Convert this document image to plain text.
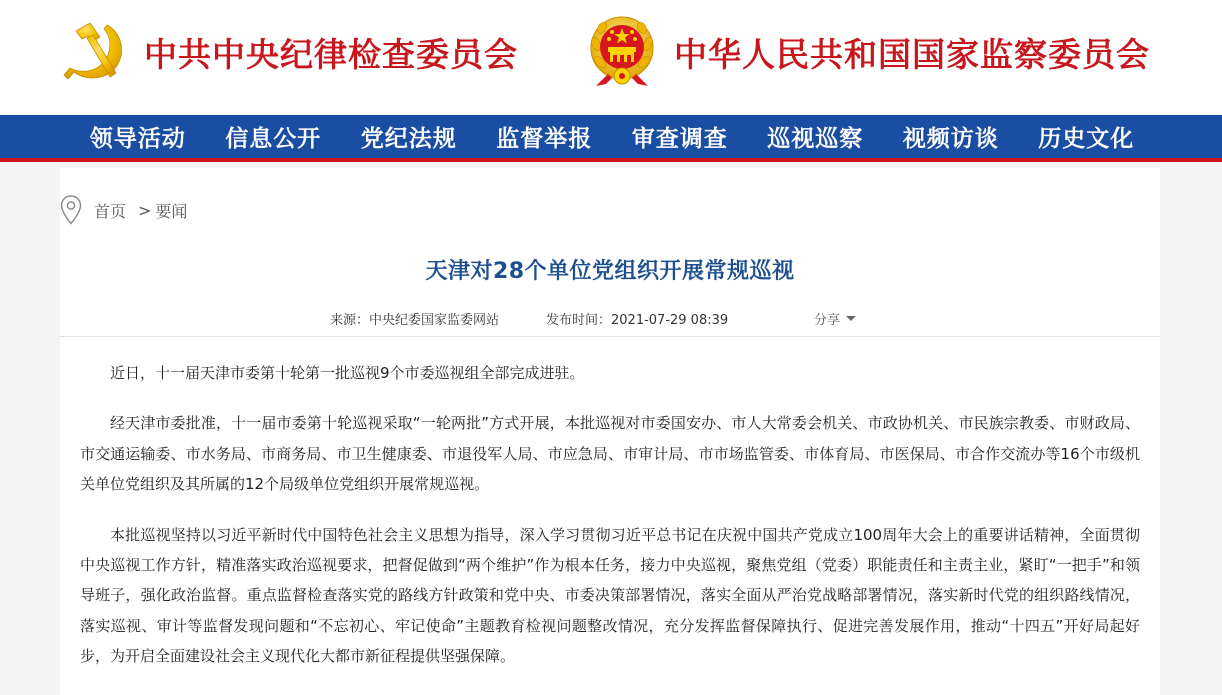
中共中央纪律检查委员会	中华人民共和国国家监察委员会
领导活动	信息公开	党纪法规	监督举报	审查调查	巡视巡察	视频访谈	历史文化
首页 > 要闻
天津对28个单位党组织开展常规巡视
来源：中央纪委国家监委网站	发布时间：2021-07-29 08:39	分享

近日，十一届天津市委第十轮第一批巡视9个市委巡视组全部完成进驻。

经天津市委批准，十一届市委第十轮巡视采取“一轮两批”方式开展，本批巡视对市委国安办、市人大常委会机关、市政协机关、市民族宗教委、市财政局、市交通运输委、市水务局、市商务局、市卫生健康委、市退役军人局、市应急局、市审计局、市市场监管委、市体育局、市医保局、市合作交流办等16个市级机关单位党组织及其所属的12个局级单位党组织开展常规巡视。

本批巡视坚持以习近平新时代中国特色社会主义思想为指导，深入学习贯彻习近平总书记在庆祝中国共产党成立100周年大会上的重要讲话精神，全面贯彻中央巡视工作方针，精准落实政治巡视要求，把督促做到“两个维护”作为根本任务，接力中央巡视，聚焦党组（党委）职能责任和主责主业，紧盯“一把手”和领导班子，强化政治监督。重点监督检查落实党的路线方针政策和党中央、市委决策部署情况，落实全面从严治党战略部署情况，落实新时代党的组织路线情况，落实巡视、审计等监督发现问题和“不忘初心、牢记使命”主题教育检视问题整改情况，充分发挥监督保障执行、促进完善发展作用，推动“十四五”开好局起好步，为开启全面建设社会主义现代化大都市新征程提供坚强保障。
